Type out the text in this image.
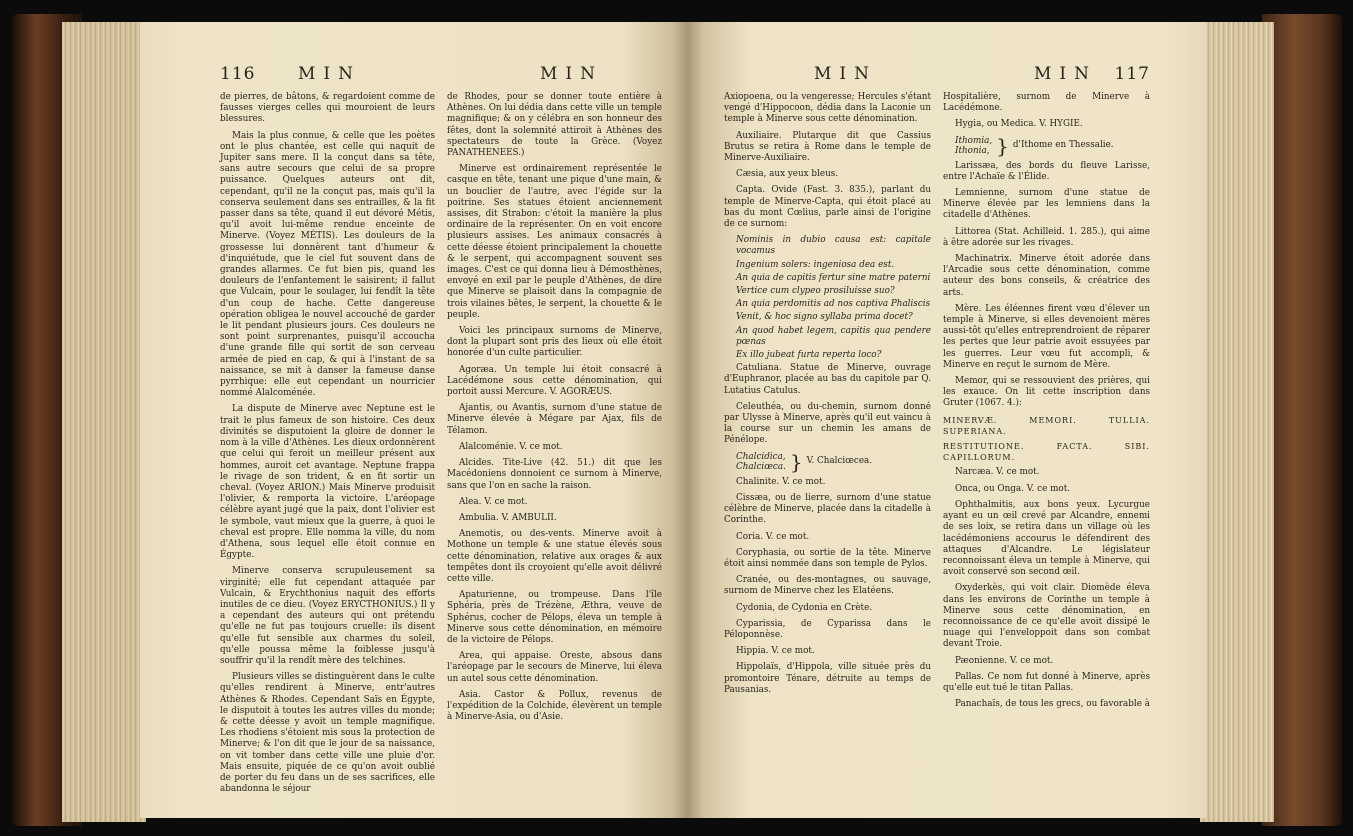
116	MIN	MIN

de pierres, de bâtons, & regardoient comme de fausses vierges celles qui mouroient de leurs blessures.

Mais la plus connue, & celle que les poètes ont le plus chantée, est celle qui naquit de Jupiter sans mere. Il la conçut dans sa tête, sans autre secours que celui de sa propre puissance. Quelques auteurs ont dit, cependant, qu'il ne la conçut pas, mais qu'il la conserva seulement dans ses entrailles, & la fit passer dans sa tête, quand il eut dévoré Métis, qu'il avoit lui-même rendue enceinte de Minerve. (Voyez MÉTIS). Les douleurs de la grossesse lui donnèrent tant d'humeur & d'inquiétude, que le ciel fut souvent dans de grandes allarmes. Ce fut bien pis, quand les douleurs de l'enfantement le saisirent; il fallut que Vulcain, pour le soulager, lui fendît la tête d'un coup de hache. Cette dangereuse opération obligea le nouvel accouché de garder le lit pendant plusieurs jours. Ces douleurs ne sont point surprenantes, puisqu'il accoucha d'une grande fille qui sortit de son cerveau armée de pied en cap, & qui à l'instant de sa naissance, se mit à danser la fameuse danse pyrrhique: elle eut cependant un nourricier nommé Alalcoménée.

La dispute de Minerve avec Neptune est le trait le plus fameux de son histoire. Ces deux divinités se disputoient la gloire de donner le nom à la ville d'Athènes. Les dieux ordonnèrent que celui qui feroit un meilleur présent aux hommes, auroit cet avantage. Neptune frappa le rivage de son trident, & en fit sortir un cheval. (Voyez ARION.) Mais Minerve produisit l'olivier, & remporta la victoire. L'aréopage célèbre ayant jugé que la paix, dont l'olivier est le symbole, vaut mieux que la guerre, à quoi le cheval est propre. Elle nomma la ville, du nom d'Athena, sous lequel elle étoit connue en Égypte.

Minerve conserva scrupuleusement sa virginité; elle fut cependant attaquée par Vulcain, & Erychthonius naquit des efforts inutiles de ce dieu. (Voyez ERYCTHONIUS.) Il y a cependant des auteurs qui ont prétendu qu'elle ne fut pas toujours cruelle: ils disent qu'elle fut sensible aux charmes du soleil, qu'elle poussa même la foiblesse jusqu'à souffrir qu'il la rendît mère des telchines.

Plusieurs villes se distinguèrent dans le culte qu'elles rendirent à Minerve, entr'autres Athènes & Rhodes. Cependant Saïs en Égypte, le disputoit à toutes les autres villes du monde; & cette déesse y avoit un temple magnifique. Les rhodiens s'étoient mis sous la protection de Minerve; & l'on dit que le jour de sa naissance, on vit tomber dans cette ville une pluie d'or. Mais ensuite, piquée de ce qu'on avoit oublié de porter du feu dans un de ses sacrifices, elle abandonna le séjour

de Rhodes, pour se donner toute entière à Athènes. On lui dédia dans cette ville un temple magnifique; & on y célébra en son honneur des fêtes, dont la solemnité attiroit à Athènes des spectateurs de toute la Grèce. (Voyez PANATHENEES.)

Minerve est ordinairement représentée le casque en tête, tenant une pique d'une main, & un bouclier de l'autre, avec l'égide sur la poitrine. Ses statues étoient anciennement assises, dit Strabon: c'étoit la manière la plus ordinaire de la représenter. On en voit encore plusieurs assises. Les animaux consacrés à cette déesse étoient principalement la chouette & le serpent, qui accompagnent souvent ses images. C'est ce qui donna lieu à Démosthènes, envoyé en exil par le peuple d'Athènes, de dire que Minerve se plaisoit dans la compagnie de trois vilaines bêtes, le serpent, la chouette & le peuple.

Voici les principaux surnoms de Minerve, dont la plupart sont pris des lieux où elle étoit honorée d'un culte particulier.

Agoræa. Un temple lui étoit consacré à Lacédémone sous cette dénomination, qui portoit aussi Mercure. V. AGORÆUS.

Ajantis, ou Avantis, surnom d'une statue de Minerve élevée à Mégare par Ajax, fils de Télamon.

Alalcoménie. V. ce mot.

Alcides. Tite-Live (42. 51.) dit que les Macédoniens donnoient ce surnom à Minerve, sans que l'on en sache la raison.

Alea. V. ce mot.

Ambulia. V. AMBULII.

Anemotis, ou des-vents. Minerve avoit à Mothone un temple & une statue élevés sous cette dénomination, relative aux orages & aux tempêtes dont ils croyoient qu'elle avoit délivré cette ville.

Apaturienne, ou trompeuse. Dans l'île Sphéria, près de Trézène, Æthra, veuve de Sphérus, cocher de Pélops, éleva un temple à Minerve sous cette dénomination, en mémoire de la victoire de Pélops.

Area, qui appaise. Oreste, absous dans l'aréopage par le secours de Minerve, lui éleva un autel sous cette dénomination.

Asia. Castor & Pollux, revenus de l'expédition de la Colchide, élevèrent un temple à Minerve-Asia, ou d'Asie.

MIN	MIN 117

Axiopoena, ou la vengeresse; Hercules s'étant vengé d'Hippocoon, dédia dans la Laconie un temple à Minerve sous cette dénomination.

Auxiliaire. Plutarque dit que Cassius Brutus se retira à Rome dans le temple de Minerve-Auxiliaire.

Cæsia, aux yeux bleus.

Capta. Ovide (Fast. 3. 835.), parlant du temple de Minerve-Capta, qui étoit placé au bas du mont Cœlius, parle ainsi de l'origine de ce surnom:

Nominis in dubio causa est: capitale vocamus

Ingenium solers: ingeniosa dea est.

An quia de capitis fertur sine matre paterni

Vertice cum clypeo prosiluisse suo?

An quia perdomitis ad nos captiva Phaliscis

Venit, & hoc signo syllaba prima docet?

An quod habet legem, capitis qua pendere pœnas

Ex illo jubeat furta reperta loco?

Catuliana. Statue de Minerve, ouvrage d'Euphranor, placée au bas du capitole par Q. Lutatius Catulus.

Celeuthéa, ou du-chemin, surnom donné par Ulysse à Minerve, après qu'il eut vaincu à la course sur un chemin les amans de Pénélope.

Chalcidica,
Chalciœca. } V. Chalciœcea.

Chalinite. V. ce mot.

Cissæa, ou de lierre, surnom d'une statue célèbre de Minerve, placée dans la citadelle à Corinthe.

Coria. V. ce mot.

Coryphasia, ou sortie de la tête. Minerve étoit ainsi nommée dans son temple de Pylos.

Cranée, ou des-montagnes, ou sauvage, surnom de Minerve chez les Elatéens.

Cydonia, de Cydonia en Crète.

Cyparissia, de Cyparissa dans le Péloponnèse.

Hippia. V. ce mot.

Hippolaïs, d'Hippola, ville située près du promontoire Ténare, détruite au temps de Pausanias.

Hospitalière, surnom de Minerve à Lacédémone.

Hygia, ou Medica. V. HYGIE.

Ithomia,
Ithonia, } d'Ithome en Thessalie.

Larissæa, des bords du fleuve Larisse, entre l'Achaïe & l'Élide.

Lemnienne, surnom d'une statue de Minerve élevée par les lemniens dans la citadelle d'Athènes.

Littorea (Stat. Achilleid. 1. 285.), qui aime à être adorée sur les rivages.

Machinatrix. Minerve étoit adorée dans l'Arcadie sous cette dénomination, comme auteur des bons conseils, & créatrice des arts.

Mère. Les éléennes firent vœu d'élever un temple à Minerve, si elles devenoient mères aussi-tôt qu'elles entreprendroient de réparer les pertes que leur patrie avoit essuyées par les guerres. Leur vœu fut accompli, & Minerve en reçut le surnom de Mère.

Memor, qui se ressouvient des prières, qui les exauce. On lit cette inscription dans Gruter (1067. 4.):

MINERVÆ. MEMORI. TULLIA. SUPERIANA.

RESTITUTIONE. FACTA. SIBI. CAPILLORUM.

Narcæa. V. ce mot.

Onca, ou Onga. V. ce mot.

Ophthalmitis, aux bons yeux. Lycurgue ayant eu un œil crevé par Alcandre, ennemi de ses loix, se retira dans un village où les lacédémoniens accourus le défendirent des attaques d'Alcandre. Le législateur reconnoissant éleva un temple à Minerve, qui avoit conservé son second œil.

Oxyderkès, qui voit clair. Diomède éleva dans les environs de Corinthe un temple à Minerve sous cette dénomination, en reconnoissance de ce qu'elle avoit dissipé le nuage qui l'enveloppoit dans son combat devant Troie.

Pæonienne. V. ce mot.

Pallas. Ce nom fut donné à Minerve, après qu'elle eut tué le titan Pallas.

Panachaïs, de tous les grecs, ou favorable à
